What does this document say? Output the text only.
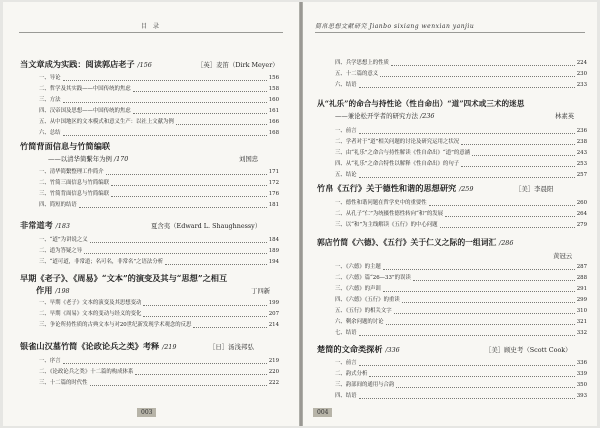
目 录
当文章成为实践：阅读郭店老子 /156	［英］麦笛（Dirk Meyer）
一、导论	156
二、哲学及其实践——中国传统的焦虑	158
三、方法	160
四、汉帝国及思想——中国传统的焦虑	161
五、从中国地区的文本模式和意义生产：以社上文献为例	166
六、总结	168
竹简背面信息与竹简编联
——以清华简繫年为例 /170	刘国忠
一、清华简繫整理工作简介	171
二、竹简三面信息与竹简编联	172
三、竹简背面信息与竹简编联	176
四、简短的结语	181
非常道考 /183	夏含夷（Edward L. Shaughnessy）
一、“道”为讲说之义	184
二、道为答疑之导	189
三、“道可道，非常道；名可名，非常名”之语法分析	194
早期《老子》、《周易》“文本”的演变及其与“思想”之相互
作用 /198	丁四新
一、早期《老子》文本的演变及其思想变动	199
二、早期《周易》文本的变动与经义的变化	207
三、争论所持性质的古典文本与对20世纪新发现学术观念的反思	214
银雀山汉墓竹简《论政论兵之类》考释 /219	［日］汤浅邦弘
一、序言	219
二、《论政论兵之类》十二篇的构成体系	220
三、十二篇的时代性	222
003
简帛思想文献研究 Jianbo sixiang wenxian yanjiu
四、兵学思想上的性质	224
五、十二篇的意义	230
六、结语	233
从“礼乐”的命合与持性论（性自命出）“道”四术或三术的迷思
——兼论松开学者的研究方法 /236	林素英
一、前言	236
二、学者对于“道”相关问题的讨论及研究运用之状况	238
三、由“礼乐”之命合与持性解读《性自命出》“道”的意涵	243
四、从“礼乐”之命合特性以解释《性自命出》的句子	253
五、结论	257
竹帛《五行》关于德性和谐的思想研究 /259	［美］李晨阳
一、德性和谐问题在哲学史中的重要性	260
二、从孔子“仁”为统摄性德性转向“和”的发展	264
三、以“和”为主线解读《五行》的中心问题	279
郭店竹简《六德》、《五行》关于仁义之际的一组词汇 /286
黄冠云
一、《六德》的主题	287
二、《六德》篇“26—33”的误读	288
三、《六德》的声训	291
四、《六德》《五行》的重读	299
五、《五行》的相关文字	310
六、剩余问题的讨论	321
七、结语	332
楚简的文命类探析 /336	［美］顾史考（Scott Cook）
一、前言	336
二、韵式分析	339
三、韵部间的通用与合韵	350
四、结语	393
004
